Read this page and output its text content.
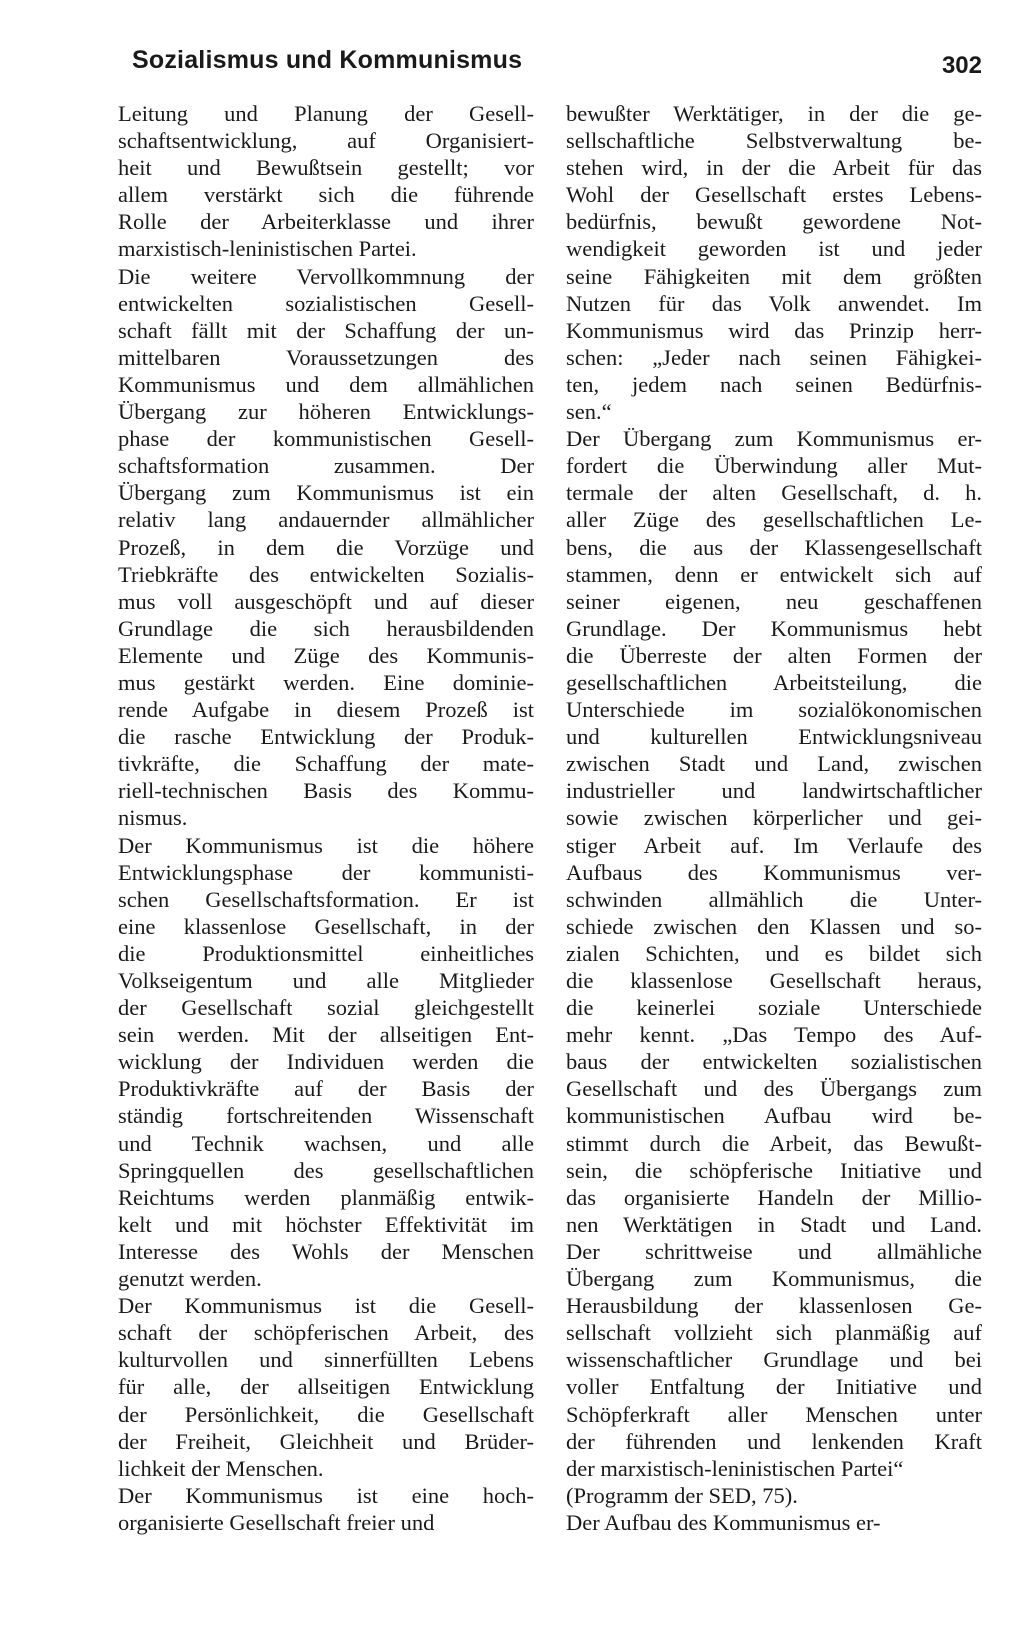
Sozialismus und Kommunismus	302
Leitung und Planung der Gesell-
schaftsentwicklung, auf Organisiert-
heit und Bewußtsein gestellt; vor
allem verstärkt sich die führende
Rolle der Arbeiterklasse und ihrer
marxistisch-leninistischen Partei.
Die weitere Vervollkommnung der
entwickelten sozialistischen Gesell-
schaft fällt mit der Schaffung der un-
mittelbaren Voraussetzungen des
Kommunismus und dem allmählichen
Übergang zur höheren Entwicklungs-
phase der kommunistischen Gesell-
schaftsformation zusammen. Der
Übergang zum Kommunismus ist ein
relativ lang andauernder allmählicher
Prozeß, in dem die Vorzüge und
Triebkräfte des entwickelten Sozialis-
mus voll ausgeschöpft und auf dieser
Grundlage die sich herausbildenden
Elemente und Züge des Kommunis-
mus gestärkt werden. Eine dominie-
rende Aufgabe in diesem Prozeß ist
die rasche Entwicklung der Produk-
tivkräfte, die Schaffung der mate-
riell-technischen Basis des Kommu-
nismus.
Der Kommunismus ist die höhere
Entwicklungsphase der kommunisti-
schen Gesellschaftsformation. Er ist
eine klassenlose Gesellschaft, in der
die Produktionsmittel einheitliches
Volkseigentum und alle Mitglieder
der Gesellschaft sozial gleichgestellt
sein werden. Mit der allseitigen Ent-
wicklung der Individuen werden die
Produktivkräfte auf der Basis der
ständig fortschreitenden Wissenschaft
und Technik wachsen, und alle
Springquellen des gesellschaftlichen
Reichtums werden planmäßig entwik-
kelt und mit höchster Effektivität im
Interesse des Wohls der Menschen
genutzt werden.
Der Kommunismus ist die Gesell-
schaft der schöpferischen Arbeit, des
kulturvollen und sinnerfüllten Lebens
für alle, der allseitigen Entwicklung
der Persönlichkeit, die Gesellschaft
der Freiheit, Gleichheit und Brüder-
lichkeit der Menschen.
Der Kommunismus ist eine hoch-
organisierte Gesellschaft freier und
bewußter Werktätiger, in der die ge-
sellschaftliche Selbstverwaltung be-
stehen wird, in der die Arbeit für das
Wohl der Gesellschaft erstes Lebens-
bedürfnis, bewußt gewordene Not-
wendigkeit geworden ist und jeder
seine Fähigkeiten mit dem größten
Nutzen für das Volk anwendet. Im
Kommunismus wird das Prinzip herr-
schen: „Jeder nach seinen Fähigkei-
ten, jedem nach seinen Bedürfnis-
sen.“
Der Übergang zum Kommunismus er-
fordert die Überwindung aller Mut-
termale der alten Gesellschaft, d. h.
aller Züge des gesellschaftlichen Le-
bens, die aus der Klassengesellschaft
stammen, denn er entwickelt sich auf
seiner eigenen, neu geschaffenen
Grundlage. Der Kommunismus hebt
die Überreste der alten Formen der
gesellschaftlichen Arbeitsteilung, die
Unterschiede im sozialökonomischen
und kulturellen Entwicklungsniveau
zwischen Stadt und Land, zwischen
industrieller und landwirtschaftlicher
sowie zwischen körperlicher und gei-
stiger Arbeit auf. Im Verlaufe des
Aufbaus des Kommunismus ver-
schwinden allmählich die Unter-
schiede zwischen den Klassen und so-
zialen Schichten, und es bildet sich
die klassenlose Gesellschaft heraus,
die keinerlei soziale Unterschiede
mehr kennt. „Das Tempo des Auf-
baus der entwickelten sozialistischen
Gesellschaft und des Übergangs zum
kommunistischen Aufbau wird be-
stimmt durch die Arbeit, das Bewußt-
sein, die schöpferische Initiative und
das organisierte Handeln der Millio-
nen Werktätigen in Stadt und Land.
Der schrittweise und allmähliche
Übergang zum Kommunismus, die
Herausbildung der klassenlosen Ge-
sellschaft vollzieht sich planmäßig auf
wissenschaftlicher Grundlage und bei
voller Entfaltung der Initiative und
Schöpferkraft aller Menschen unter
der führenden und lenkenden Kraft
der marxistisch-leninistischen Partei“
(Programm der SED, 75).
Der Aufbau des Kommunismus er-
